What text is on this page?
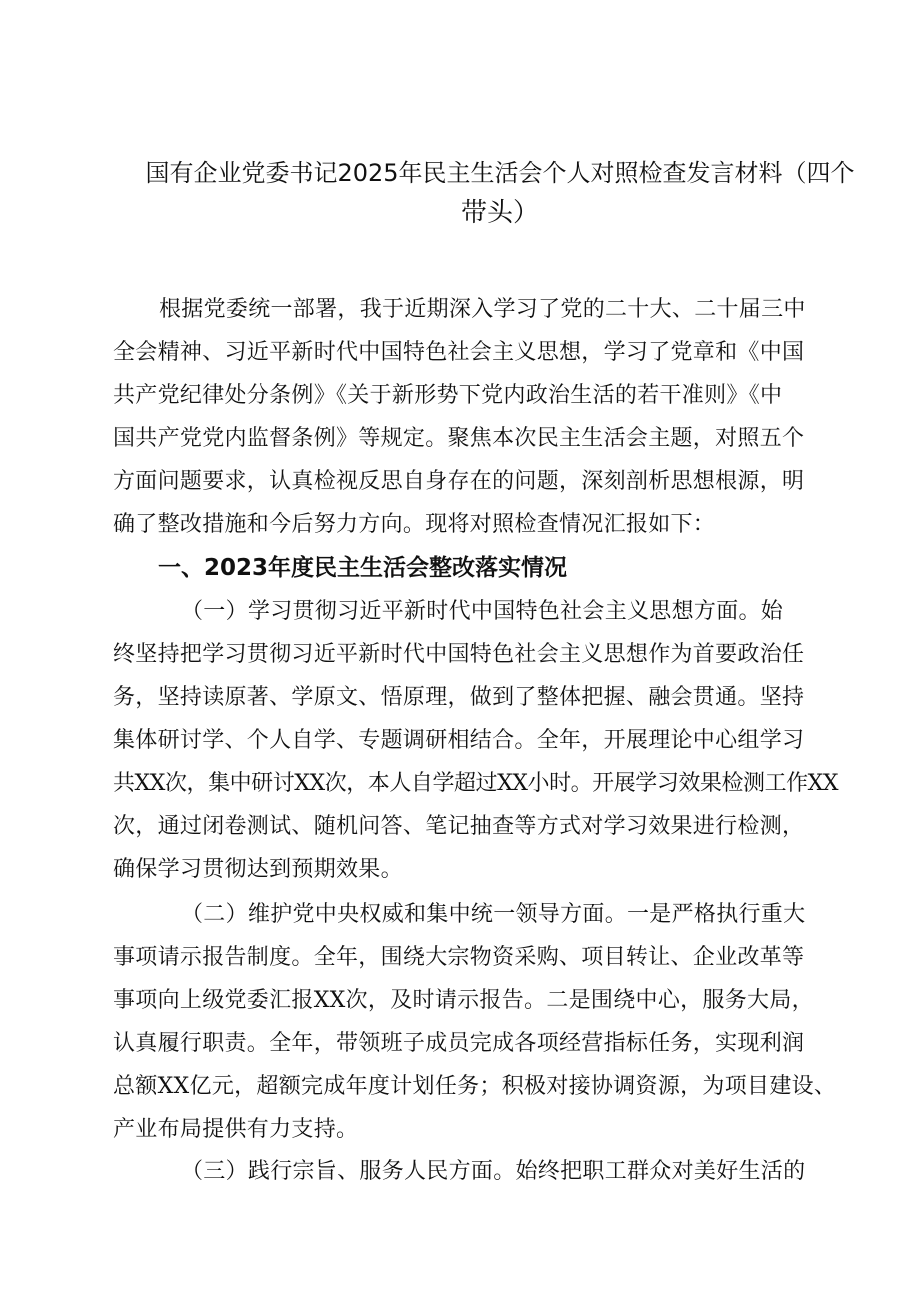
国有企业党委书记2025年民主生活会个人对照检查发言材料（四个
带头）
根据党委统一部署，我于近期深入学习了党的二十大、二十届三中
全会精神、习近平新时代中国特色社会主义思想，学习了党章和《中国
共产党纪律处分条例》《关于新形势下党内政治生活的若干准则》《中
国共产党党内监督条例》等规定。聚焦本次民主生活会主题，对照五个
方面问题要求，认真检视反思自身存在的问题，深刻剖析思想根源，明
确了整改措施和今后努力方向。现将对照检查情况汇报如下：
一、2023年度民主生活会整改落实情况
（一）学习贯彻习近平新时代中国特色社会主义思想方面。始
终坚持把学习贯彻习近平新时代中国特色社会主义思想作为首要政治任
务，坚持读原著、学原文、悟原理，做到了整体把握、融会贯通。坚持
集体研讨学、个人自学、专题调研相结合。全年，开展理论中心组学习
共XX次，集中研讨XX次，本人自学超过XX小时。开展学习效果检测工作XX
次，通过闭卷测试、随机问答、笔记抽查等方式对学习效果进行检测，
确保学习贯彻达到预期效果。
（二）维护党中央权威和集中统一领导方面。一是严格执行重大
事项请示报告制度。全年，围绕大宗物资采购、项目转让、企业改革等
事项向上级党委汇报XX次，及时请示报告。二是围绕中心，服务大局，
认真履行职责。全年，带领班子成员完成各项经营指标任务，实现利润
总额XX亿元，超额完成年度计划任务；积极对接协调资源，为项目建设、
产业布局提供有力支持。
（三）践行宗旨、服务人民方面。始终把职工群众对美好生活的
